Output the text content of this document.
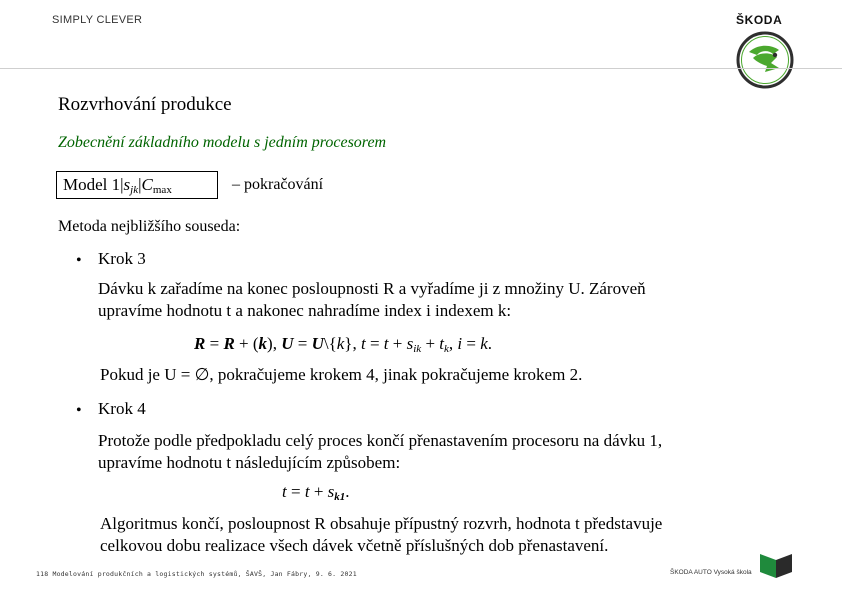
SIMPLY CLEVER	ŠKODA
Rozvrhování produkce
Zobecnění základního modelu s jedním procesorem
Model $1|s_{jk}|C_{max}$	– pokračování
Metoda nejbližšího souseda:
• Krok 3
Dávku k zařadíme na konec posloupnosti R a vyřadíme ji z množiny U. Zároveň
upravíme hodnotu t a nakonec nahradíme index i indexem k:
R = R + (k), U = U\{k}, $t = t + s_{ik} + t_k$, i = k.
Pokud je U = ∅, pokračujeme krokem 4, jinak pokračujeme krokem 2.
• Krok 4
Protože podle předpokladu celý proces končí přenastavením procesoru na dávku 1,
upravíme hodnotu t následujícím způsobem:
$t = t + s_{k1}$.
Algoritmus končí, posloupnost R obsahuje přípustný rozvrh, hodnota t představuje
celkovou dobu realizace všech dávek včetně příslušných dob přenastavení.
118 Modelování produkčních a logistických systémů, ŠAVŠ, Jan Fábry, 9. 6. 2021	ŠKODA AUTO Vysoká škola
